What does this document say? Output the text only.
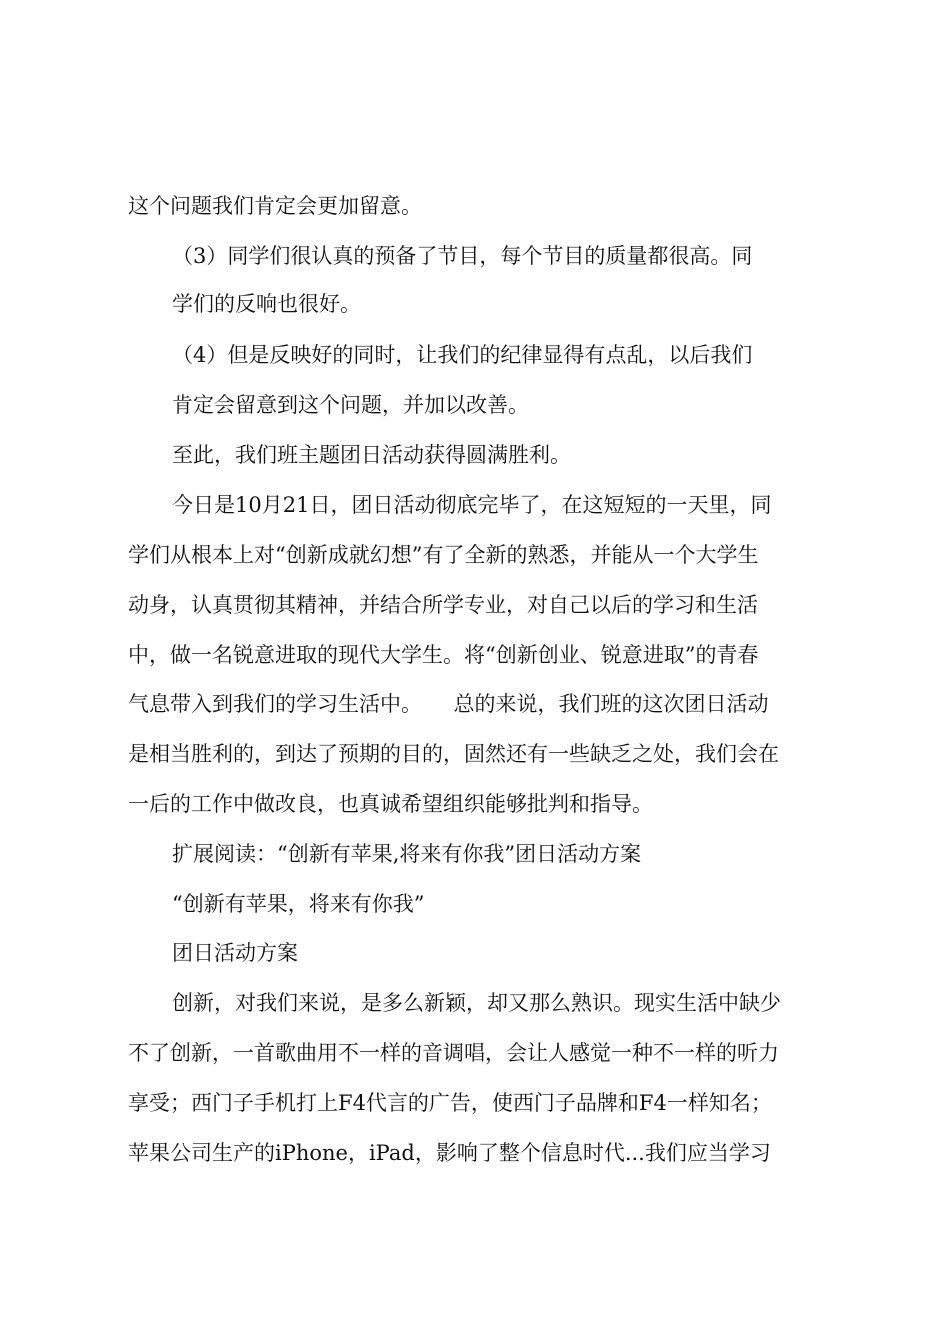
这个问题我们肯定会更加留意。
（3）同学们很认真的预备了节目，每个节目的质量都很高。同
学们的反响也很好。
（4）但是反映好的同时，让我们的纪律显得有点乱，以后我们
肯定会留意到这个问题，并加以改善。
至此，我们班主题团日活动获得圆满胜利。
今日是10月21日，团日活动彻底完毕了，在这短短的一天里，同
学们从根本上对“创新成就幻想”有了全新的熟悉，并能从一个大学生
动身，认真贯彻其精神，并结合所学专业，对自己以后的学习和生活
中，做一名锐意进取的现代大学生。将“创新创业、锐意进取”的青春
气息带入到我们的学习生活中。　　总的来说，我们班的这次团日活动
是相当胜利的，到达了预期的目的，固然还有一些缺乏之处，我们会在
一后的工作中做改良，也真诚希望组织能够批判和指导。
扩展阅读：“创新有苹果,将来有你我”团日活动方案
“创新有苹果，将来有你我”
团日活动方案
创新，对我们来说，是多么新颖，却又那么熟识。现实生活中缺少
不了创新，一首歌曲用不一样的音调唱，会让人感觉一种不一样的听力
享受；西门子手机打上F4代言的广告，使西门子品牌和F4一样知名；
苹果公司生产的iPhone，iPad，影响了整个信息时代...我们应当学习
